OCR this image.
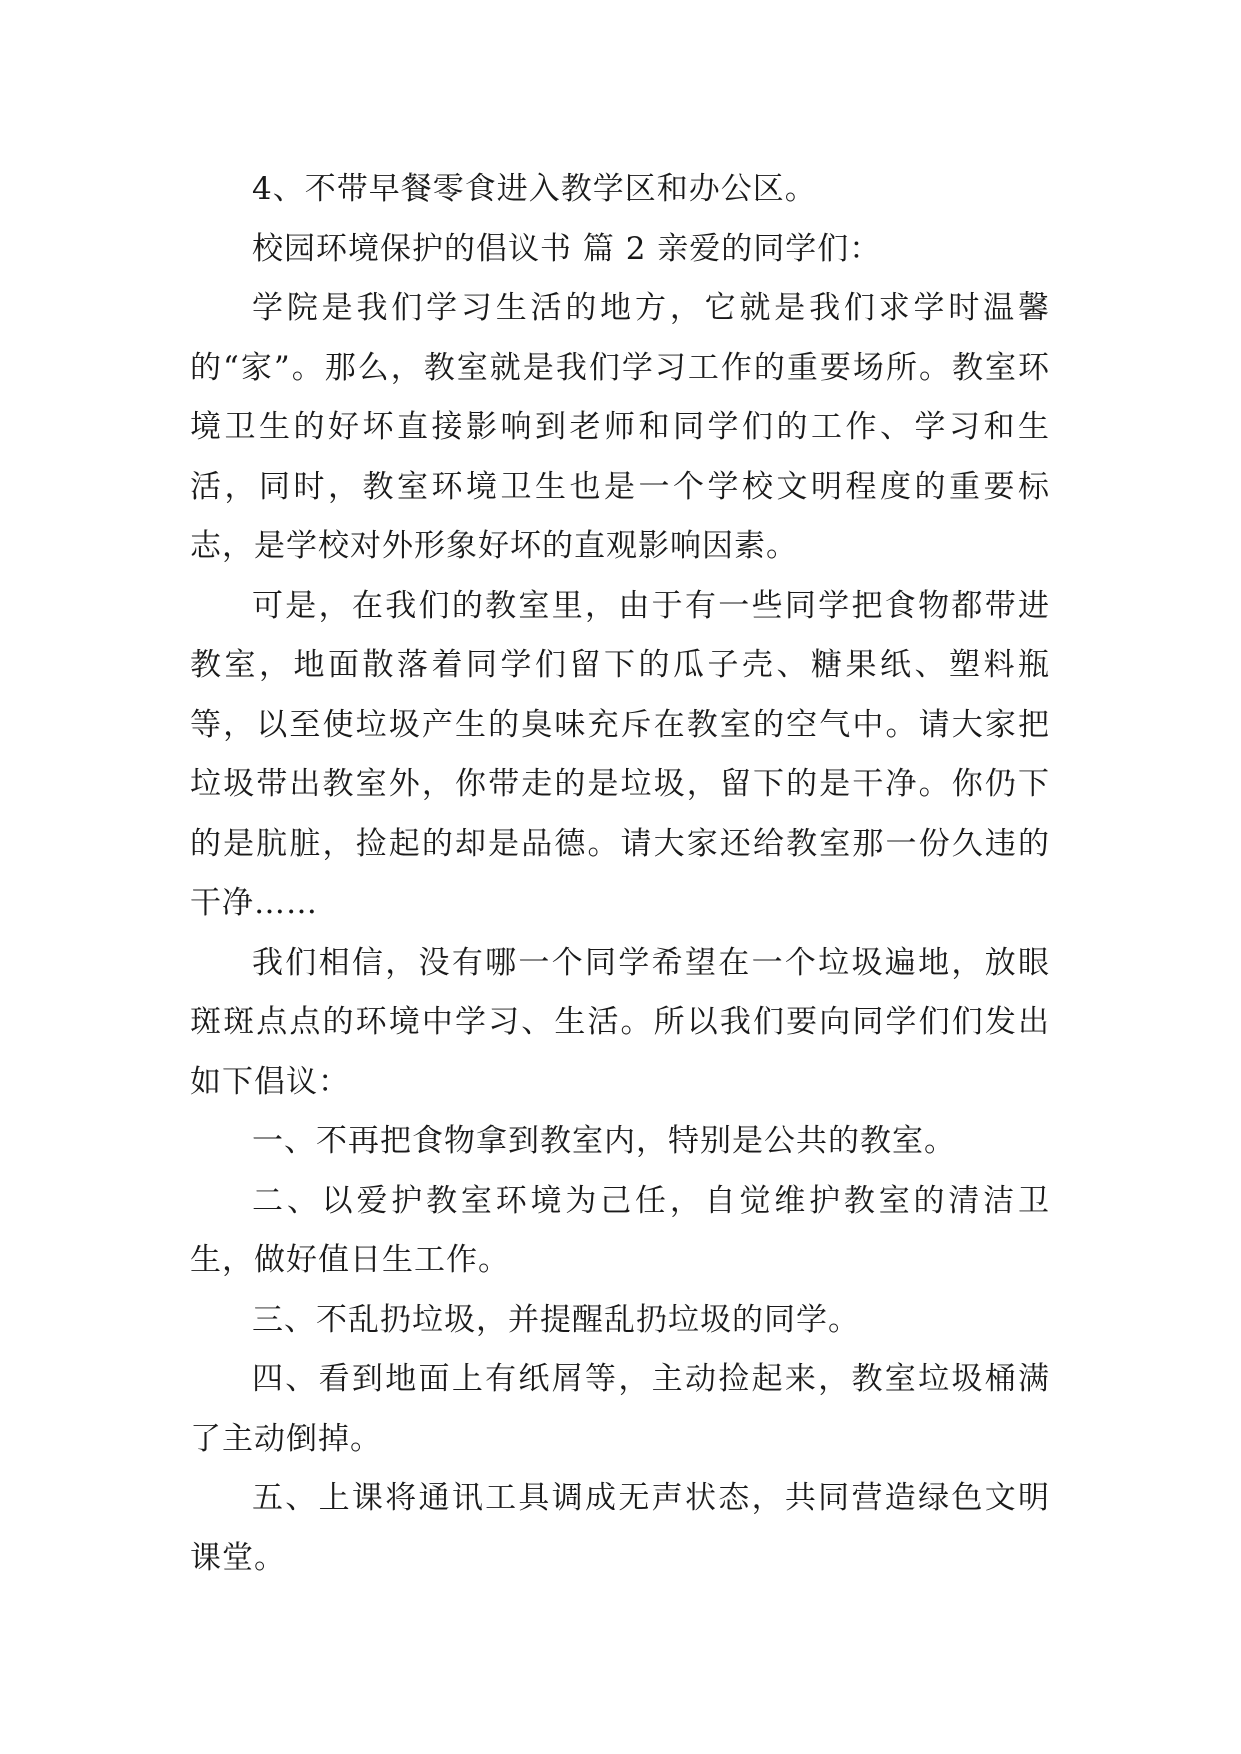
4、不带早餐零食进入教学区和办公区。

校园环境保护的倡议书 篇 2 亲爱的同学们：

学院是我们学习生活的地方，它就是我们求学时温馨的“家”。那么，教室就是我们学习工作的重要场所。教室环境卫生的好坏直接影响到老师和同学们的工作、学习和生活，同时，教室环境卫生也是一个学校文明程度的重要标志，是学校对外形象好坏的直观影响因素。

可是，在我们的教室里，由于有一些同学把食物都带进教室，地面散落着同学们留下的瓜子壳、糖果纸、塑料瓶等，以至使垃圾产生的臭味充斥在教室的空气中。请大家把垃圾带出教室外，你带走的是垃圾，留下的是干净。你仍下的是肮脏，捡起的却是品德。请大家还给教室那一份久违的干净……

我们相信，没有哪一个同学希望在一个垃圾遍地，放眼斑斑点点的环境中学习、生活。所以我们要向同学们们发出如下倡议：

一、不再把食物拿到教室内，特别是公共的教室。

二、以爱护教室环境为己任，自觉维护教室的清洁卫生，做好值日生工作。

三、不乱扔垃圾，并提醒乱扔垃圾的同学。

四、看到地面上有纸屑等，主动捡起来，教室垃圾桶满了主动倒掉。

五、上课将通讯工具调成无声状态，共同营造绿色文明课堂。
